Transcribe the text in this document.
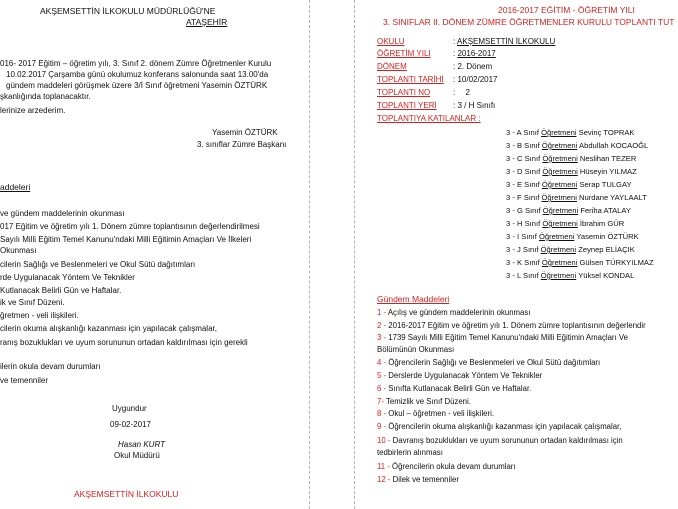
AKŞEMSETTİN İLKOKULU MÜDÜRLÜĞÜ'NE
ATAŞEHİR
016- 2017 Eğitim – öğretim yılı, 3. Sınıf 2. dönem Zümre Öğretmenler Kurulu
10.02.2017 Çarşamba günü okulumuz konferans salonunda saat 13.00'da
gündem maddeleri görüşmek üzere 3/İ Sınıf öğretmeni Yasemin ÖZTÜRK
şkanlığında toplanacaktır.
lerinize arzederim.
Yasemin ÖZTÜRK
3. sınıflar Zümre Başkanı
addeleri
ve gündem maddelerinin okunması
017 Eğitim ve öğretim yılı 1. Dönem zümre toplantısının değerlendirilmesi
Sayılı Milli Eğitim Temel Kanunu'ndaki Milli Eğitimin Amaçları Ve İlkeleri
Okunması
cilerin Sağlığı ve Beslenmeleri ve Okul Sütü dağıtımları
rde Uygulanacak Yöntem Ve Teknikler
Kutlanacak Belirli Gün ve Haftalar.
ik ve Sınıf Düzeni.
ğretmen - veli ilişkileri.
cilerin okuma alışkanlığı kazanması için yapılacak çalışmalar,
ranış bozuklukları ve uyum sorununun ortadan kaldırılması için gerekli
ilerin okula devam durumları
ve temenniler
Uygundur
09-02-2017
Hasan KURT
Okul Müdürü
AKŞEMSETTİN İLKOKULU
2016-2017 EĞİTİM - ÖĞRETİM YILI
3. SINIFLAR II. DÖNEM ZÜMRE ÖĞRETMENLER KURULU TOPLANTI TUT
OKULU	: AKŞEMSETTİN İLKOKULU
ÖĞRETİM YILI	: 2016-2017
DÖNEM	: 2. Dönem
TOPLANTI TARİHİ : 10/02/2017
TOPLANTI NO	: 2
TOPLANTI YERİ : 3 / H Sınıfı
TOPLANTIYA KATILANLAR :
3 - A Sınıf Öğretmeni Sevinç TOPRAK
3 - B Sınıf Öğretmeni Abdullah KOCAOĞL
3 - C Sınıf Öğretmeni Neslihan TEZER
3 - D Sınıf Öğretmeni Hüseyin YILMAZ
3 - E Sınıf Öğretmeni Serap TULGAY
3 - F Sınıf Öğretmeni Nurdane YAYLAALT
3 - G Sınıf Öğretmeni Feriha ATALAY
3 - H Sınıf Öğretmeni İbrahim GÜR
3 - I Sınıf Öğretmeni Yasemin ÖZTÜRK
3 - J Sınıf Öğretmeni Zeynep ELİAÇIK
3 - K Sınıf Öğretmeni Gülsen TÜRKYILMAZ
3 - L Sınıf Öğretmeni Yüksel KONDAL
Gündem Maddeleri
1 - Açılış ve gündem maddelerinin okunması
2 - 2016-2017 Eğitim ve öğretim yılı 1. Dönem zümre toplantısının değerlendir
3 - 1739 Sayılı Milli Eğitim Temel Kanunu'ndaki Milli Eğitimin Amaçları Ve
Bölümünün Okunması
4 - Öğrencilerin Sağlığı ve Beslenmeleri ve Okul Sütü dağıtımları
5 - Derslerde Uygulanacak Yöntem Ve Teknikler
6 - Sınıfta Kutlanacak Belirli Gün ve Haftalar.
7- Temizlik ve Sınıf Düzeni.
8 - Okul – öğretmen - veli ilişkileri.
9 - Öğrencilerin okuma alışkanlığı kazanması için yapılacak çalışmalar,
10 - Davranış bozuklukları ve uyum sorununun ortadan kaldırılması için
tedbirlerin alınması
11 - Öğrencilerin okula devam durumları
12 - Dilek ve temenniler
